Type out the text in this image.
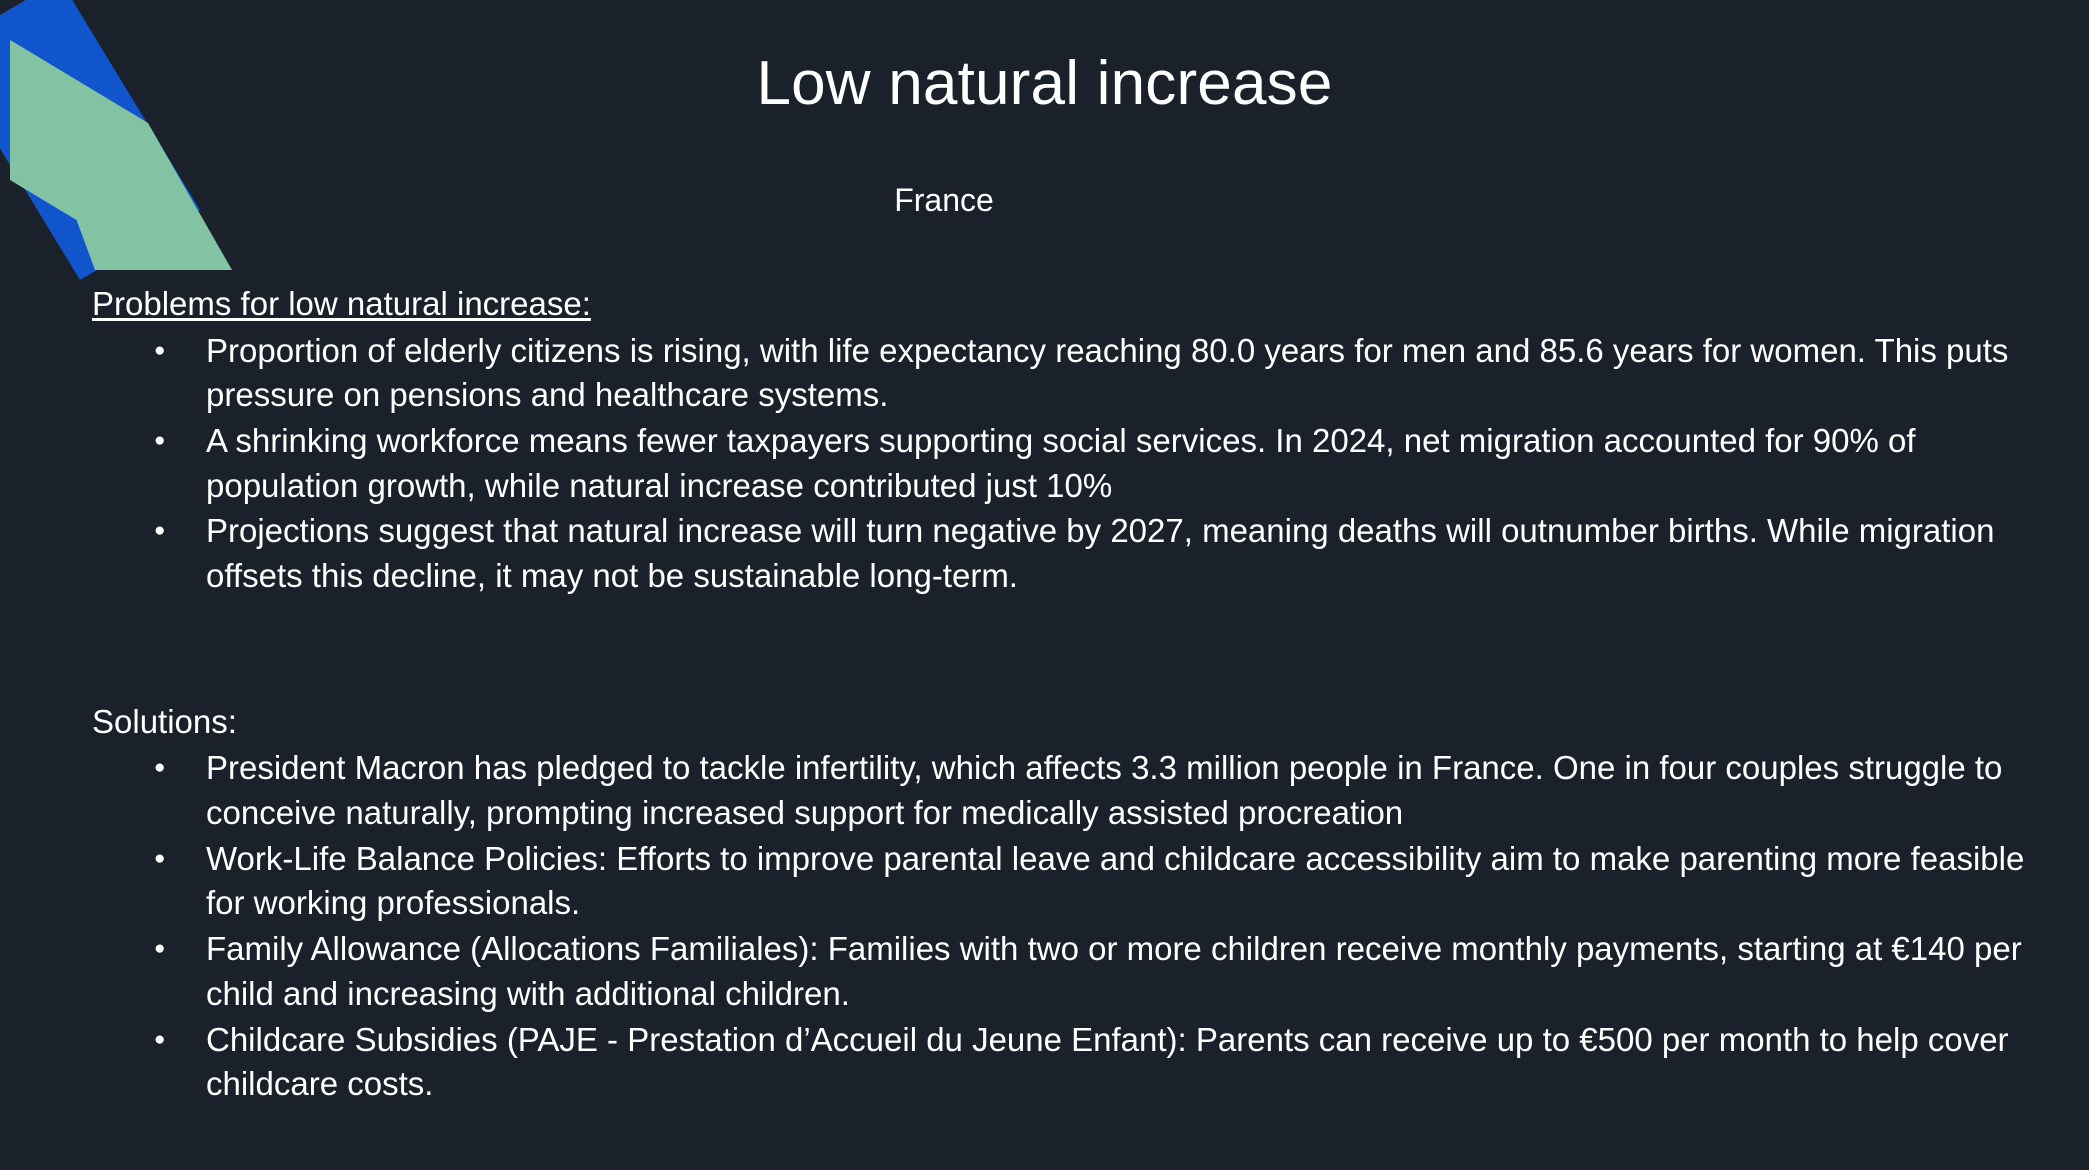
Low natural increase
France
Problems for low natural increase:
● Proportion of elderly citizens is rising, with life expectancy reaching 80.0 years for men and 85.6 years for women. This puts pressure on pensions and healthcare systems.
● A shrinking workforce means fewer taxpayers supporting social services. In 2024, net migration accounted for 90% of population growth, while natural increase contributed just 10%
● Projections suggest that natural increase will turn negative by 2027, meaning deaths will outnumber births. While migration offsets this decline, it may not be sustainable long-term.
Solutions:
● President Macron has pledged to tackle infertility, which affects 3.3 million people in France. One in four couples struggle to conceive naturally, prompting increased support for medically assisted procreation
● Work-Life Balance Policies: Efforts to improve parental leave and childcare accessibility aim to make parenting more feasible for working professionals.
● Family Allowance (Allocations Familiales): Families with two or more children receive monthly payments, starting at €140 per child and increasing with additional children.
● Childcare Subsidies (PAJE - Prestation d’Accueil du Jeune Enfant): Parents can receive up to €500 per month to help cover childcare costs.
